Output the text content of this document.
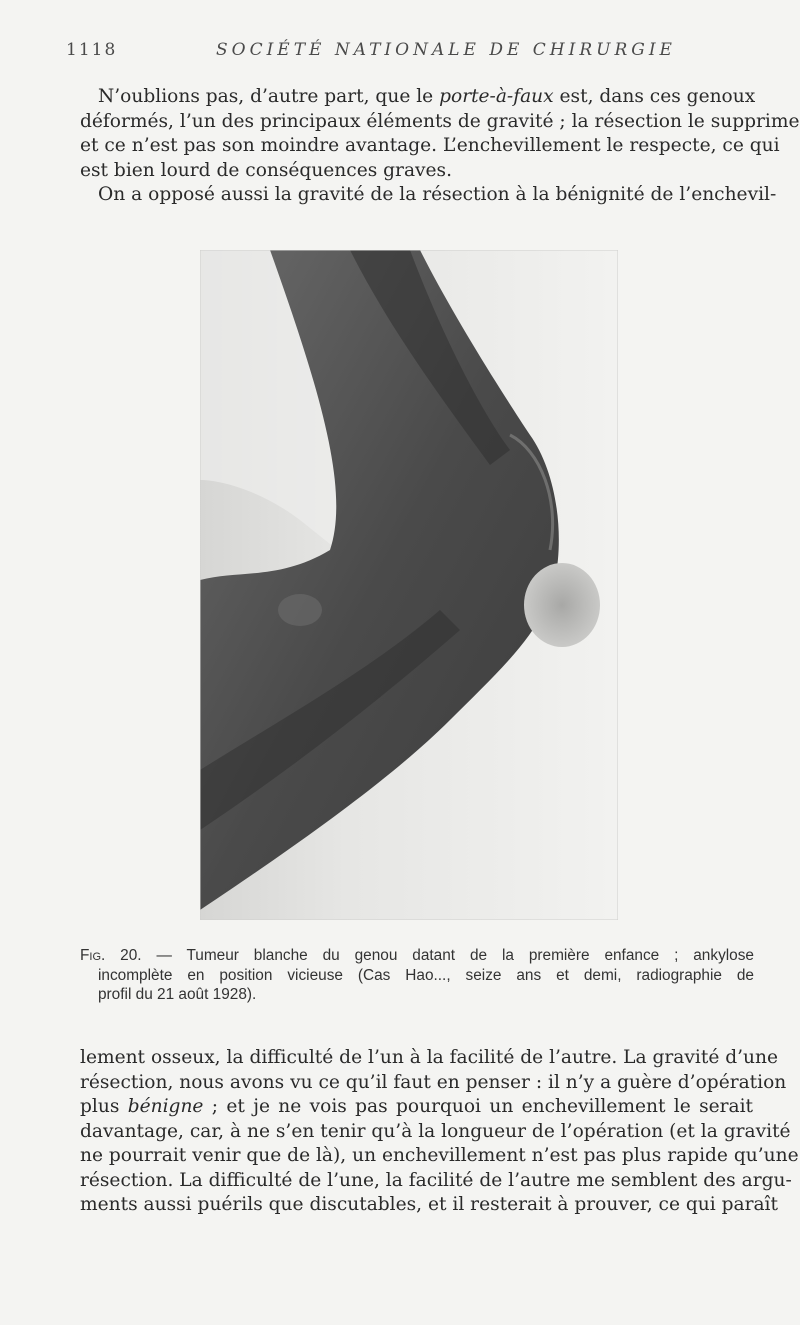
1118	SOCIÉTÉ NATIONALE DE CHIRURGIE
N’oublions pas, d’autre part, que le porte-à-faux est, dans ces genoux
déformés, l’un des principaux éléments de gravité ; la résection le supprime
et ce n’est pas son moindre avantage. L’enchevillement le respecte, ce qui
est bien lourd de conséquences graves.
On a opposé aussi la gravité de la résection à la bénignité de l’enchevil-
Fig. 20. — Tumeur blanche du genou datant de la première enfance ; ankylose
incomplète en position vicieuse (Cas Hao..., seize ans et demi, radiographie de
profil du 21 août 1928).
lement osseux, la difficulté de l’un à la facilité de l’autre. La gravité d’une
résection, nous avons vu ce qu’il faut en penser : il n’y a guère d’opération
plus bénigne ; et je ne vois pas pourquoi un enchevillement le serait
davantage, car, à ne s’en tenir qu’à la longueur de l’opération (et la gravité
ne pourrait venir que de là), un enchevillement n’est pas plus rapide qu’une
résection. La difficulté de l’une, la facilité de l’autre me semblent des argu-
ments aussi puérils que discutables, et il resterait à prouver, ce qui paraît
